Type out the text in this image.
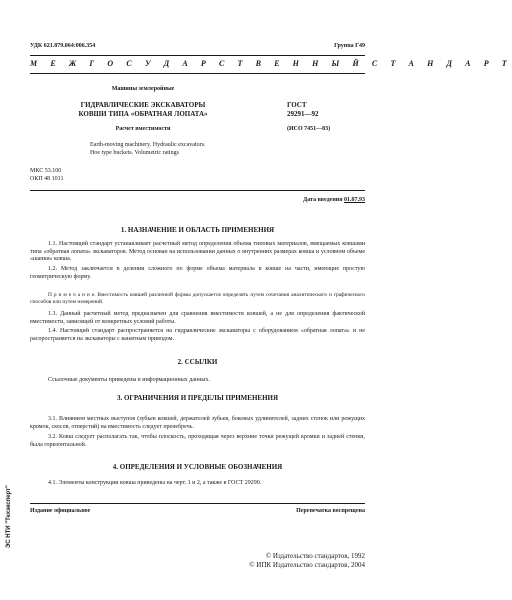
УДК 621.879.064:006.354	Группа Г49
М Е Ж Г О С У Д А Р С Т В Е Н Н Ы Й С Т А Н Д А Р Т
Машины землеройные
ГИДРАВЛИЧЕСКИЕ ЭКСКАВАТОРЫ
КОВШИ ТИПА «ОБРАТНАЯ ЛОПАТА»
Расчет вместимости
Earth-moving machinery. Hydraulic excavators.
Hoe type buckets. Volumetric ratings
ГОСТ
29291—92
(ИСО 7451—83)
МКС 53.100
ОКП 48 1011
Дата введения 01.07.93
1. НАЗНАЧЕНИЕ И ОБЛАСТЬ ПРИМЕНЕНИЯ
1.1. Настоящий стандарт устанавливает расчетный метод определения объема типовых материалов, вмещаемых ковшами типа «обратная лопата» экскаваторов. Метод основан на использовании данных о внутренних размерах ковша и условном объеме «шапки» ковша.
1.2. Метод заключается в делении сложного по форме объема материала в ковше на части, имеющие простую геометрическую форму.
П р и м е ч а н и е. Вместимость ковшей различной формы допускается определять путем сочетания аналитического и графического способов или путем измерений.
1.3. Данный расчетный метод предназначен для сравнения вместимости ковшей, а не для определения фактической вместимости, зависящей от конкретных условий работы.
1.4. Настоящий стандарт распространяется на гидравлические экскаваторы с оборудованием «обратная лопата» и не распространяется на экскаваторы с канатным приводом.
2. ССЫЛКИ
Ссылочные документы приведены в информационных данных.
3. ОГРАНИЧЕНИЯ И ПРЕДЕЛЫ ПРИМЕНЕНИЯ
3.1. Влиянием местных выступов (зубьев ковшей, держателей зубьев, боковых удлинителей, задних стенок или режущих кромок, скосов, отверстий) на вместимость следует пренебречь.
3.2. Ковш следует располагать так, чтобы плоскость, проходящая через верхние точки режущей кромки и задней стенки, была горизонтальной.
4. ОПРЕДЕЛЕНИЯ И УСЛОВНЫЕ ОБОЗНАЧЕНИЯ
4.1. Элементы конструкции ковша приведены на черт. 1 и 2, а также в ГОСТ 29290.
Издание официальное	Перепечатка воспрещена
© Издательство стандартов, 1992
© ИПК Издательство стандартов, 2004
ЭС НТИ "Техэксперт"
